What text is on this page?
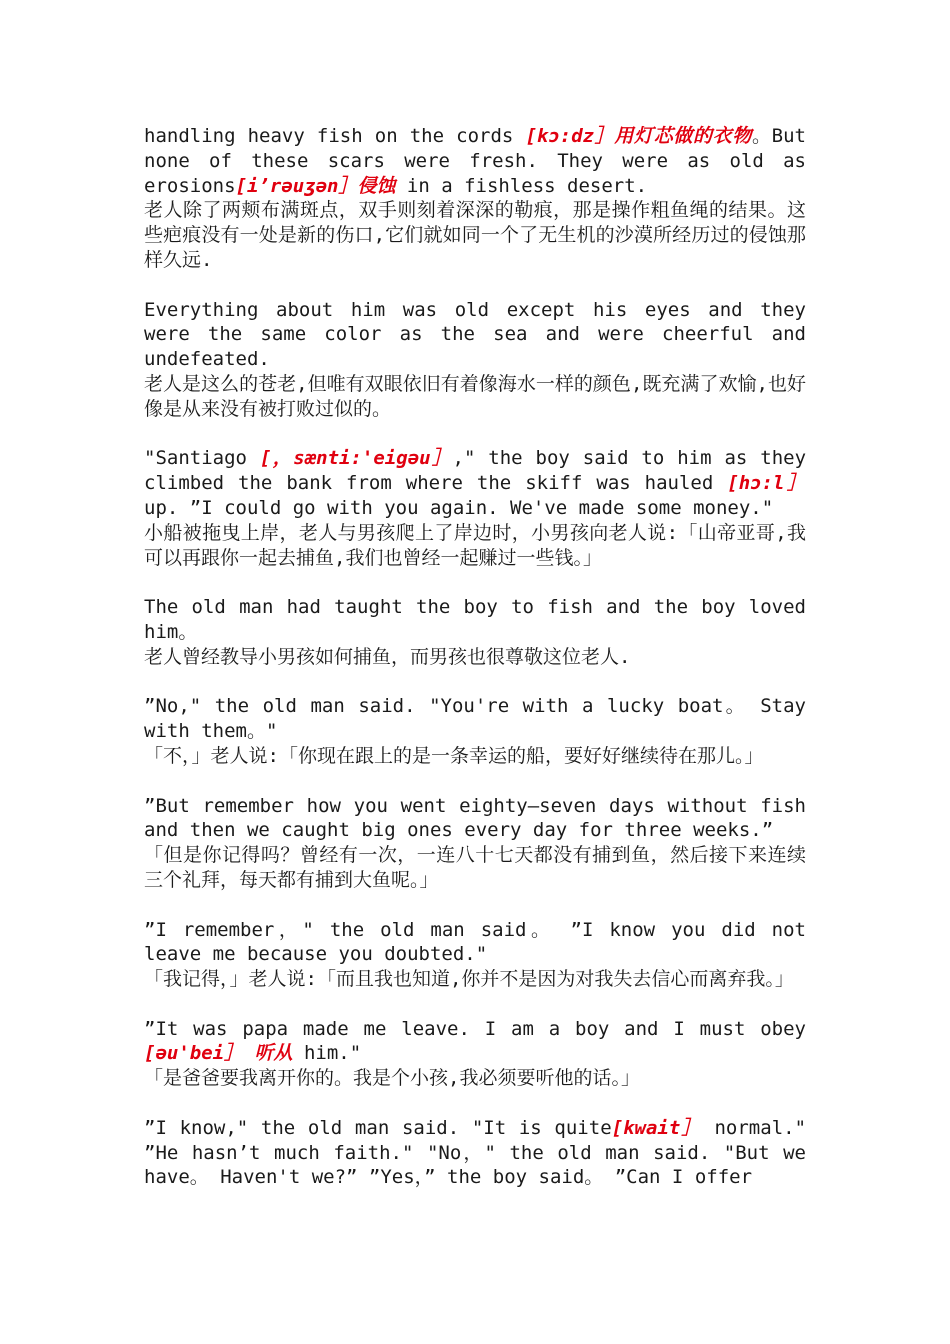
handling heavy fish on the cords [kɔ:dz］用灯芯做的衣物。But none of these scars were fresh. They were as old as erosions[i’rəuʒən］侵蚀 in a fishless desert.

老人除了两颊布满斑点，双手则刻着深深的勒痕，那是操作粗鱼绳的结果。这些疤痕没有一处是新的伤口,它们就如同一个了无生机的沙漠所经历过的侵蚀那样久远.

Everything about him was old except his eyes and they were the same color as the sea and were cheerful and undefeated.

老人是这么的苍老,但唯有双眼依旧有着像海水一样的颜色,既充满了欢愉,也好像是从来没有被打败过似的。

"Santiago [，sænti:'eigəu］," the boy said to him as they climbed the bank from where the skiff was hauled [hɔ:l］ up. ”I could go with you again. We've made some money."

小船被拖曳上岸，老人与男孩爬上了岸边时，小男孩向老人说:「山帝亚哥,我可以再跟你一起去捕鱼,我们也曾经一起赚过一些钱。」

The old man had taught the boy to fish and the boy loved him。

老人曾经教导小男孩如何捕鱼，而男孩也很尊敬这位老人.

”No," the old man said. "You're with a lucky boat。 Stay with them。"

「不，」老人说:「你现在跟上的是一条幸运的船，要好好继续待在那儿。」

”But remember how you went eighty—seven days without fish and then we caught big ones every day for three weeks.”

「但是你记得吗？曾经有一次，一连八十七天都没有捕到鱼，然后接下来连续三个礼拜，每天都有捕到大鱼呢。」

”I remember，" the old man said。 ”I know you did not leave me because you doubted."

「我记得，」老人说:「而且我也知道,你并不是因为对我失去信心而离弃我。」

”It was papa made me leave. I am a boy and I must obey [əu'bei］ 听从 him."

「是爸爸要我离开你的。我是个小孩,我必须要听他的话。」

”I know," the old man said. "It is quite[kwait］ normal." ”He hasn’t much faith." "No，" the old man said. "But we have。 Haven't we?” ”Yes，” the boy said。 ”Can I offer
